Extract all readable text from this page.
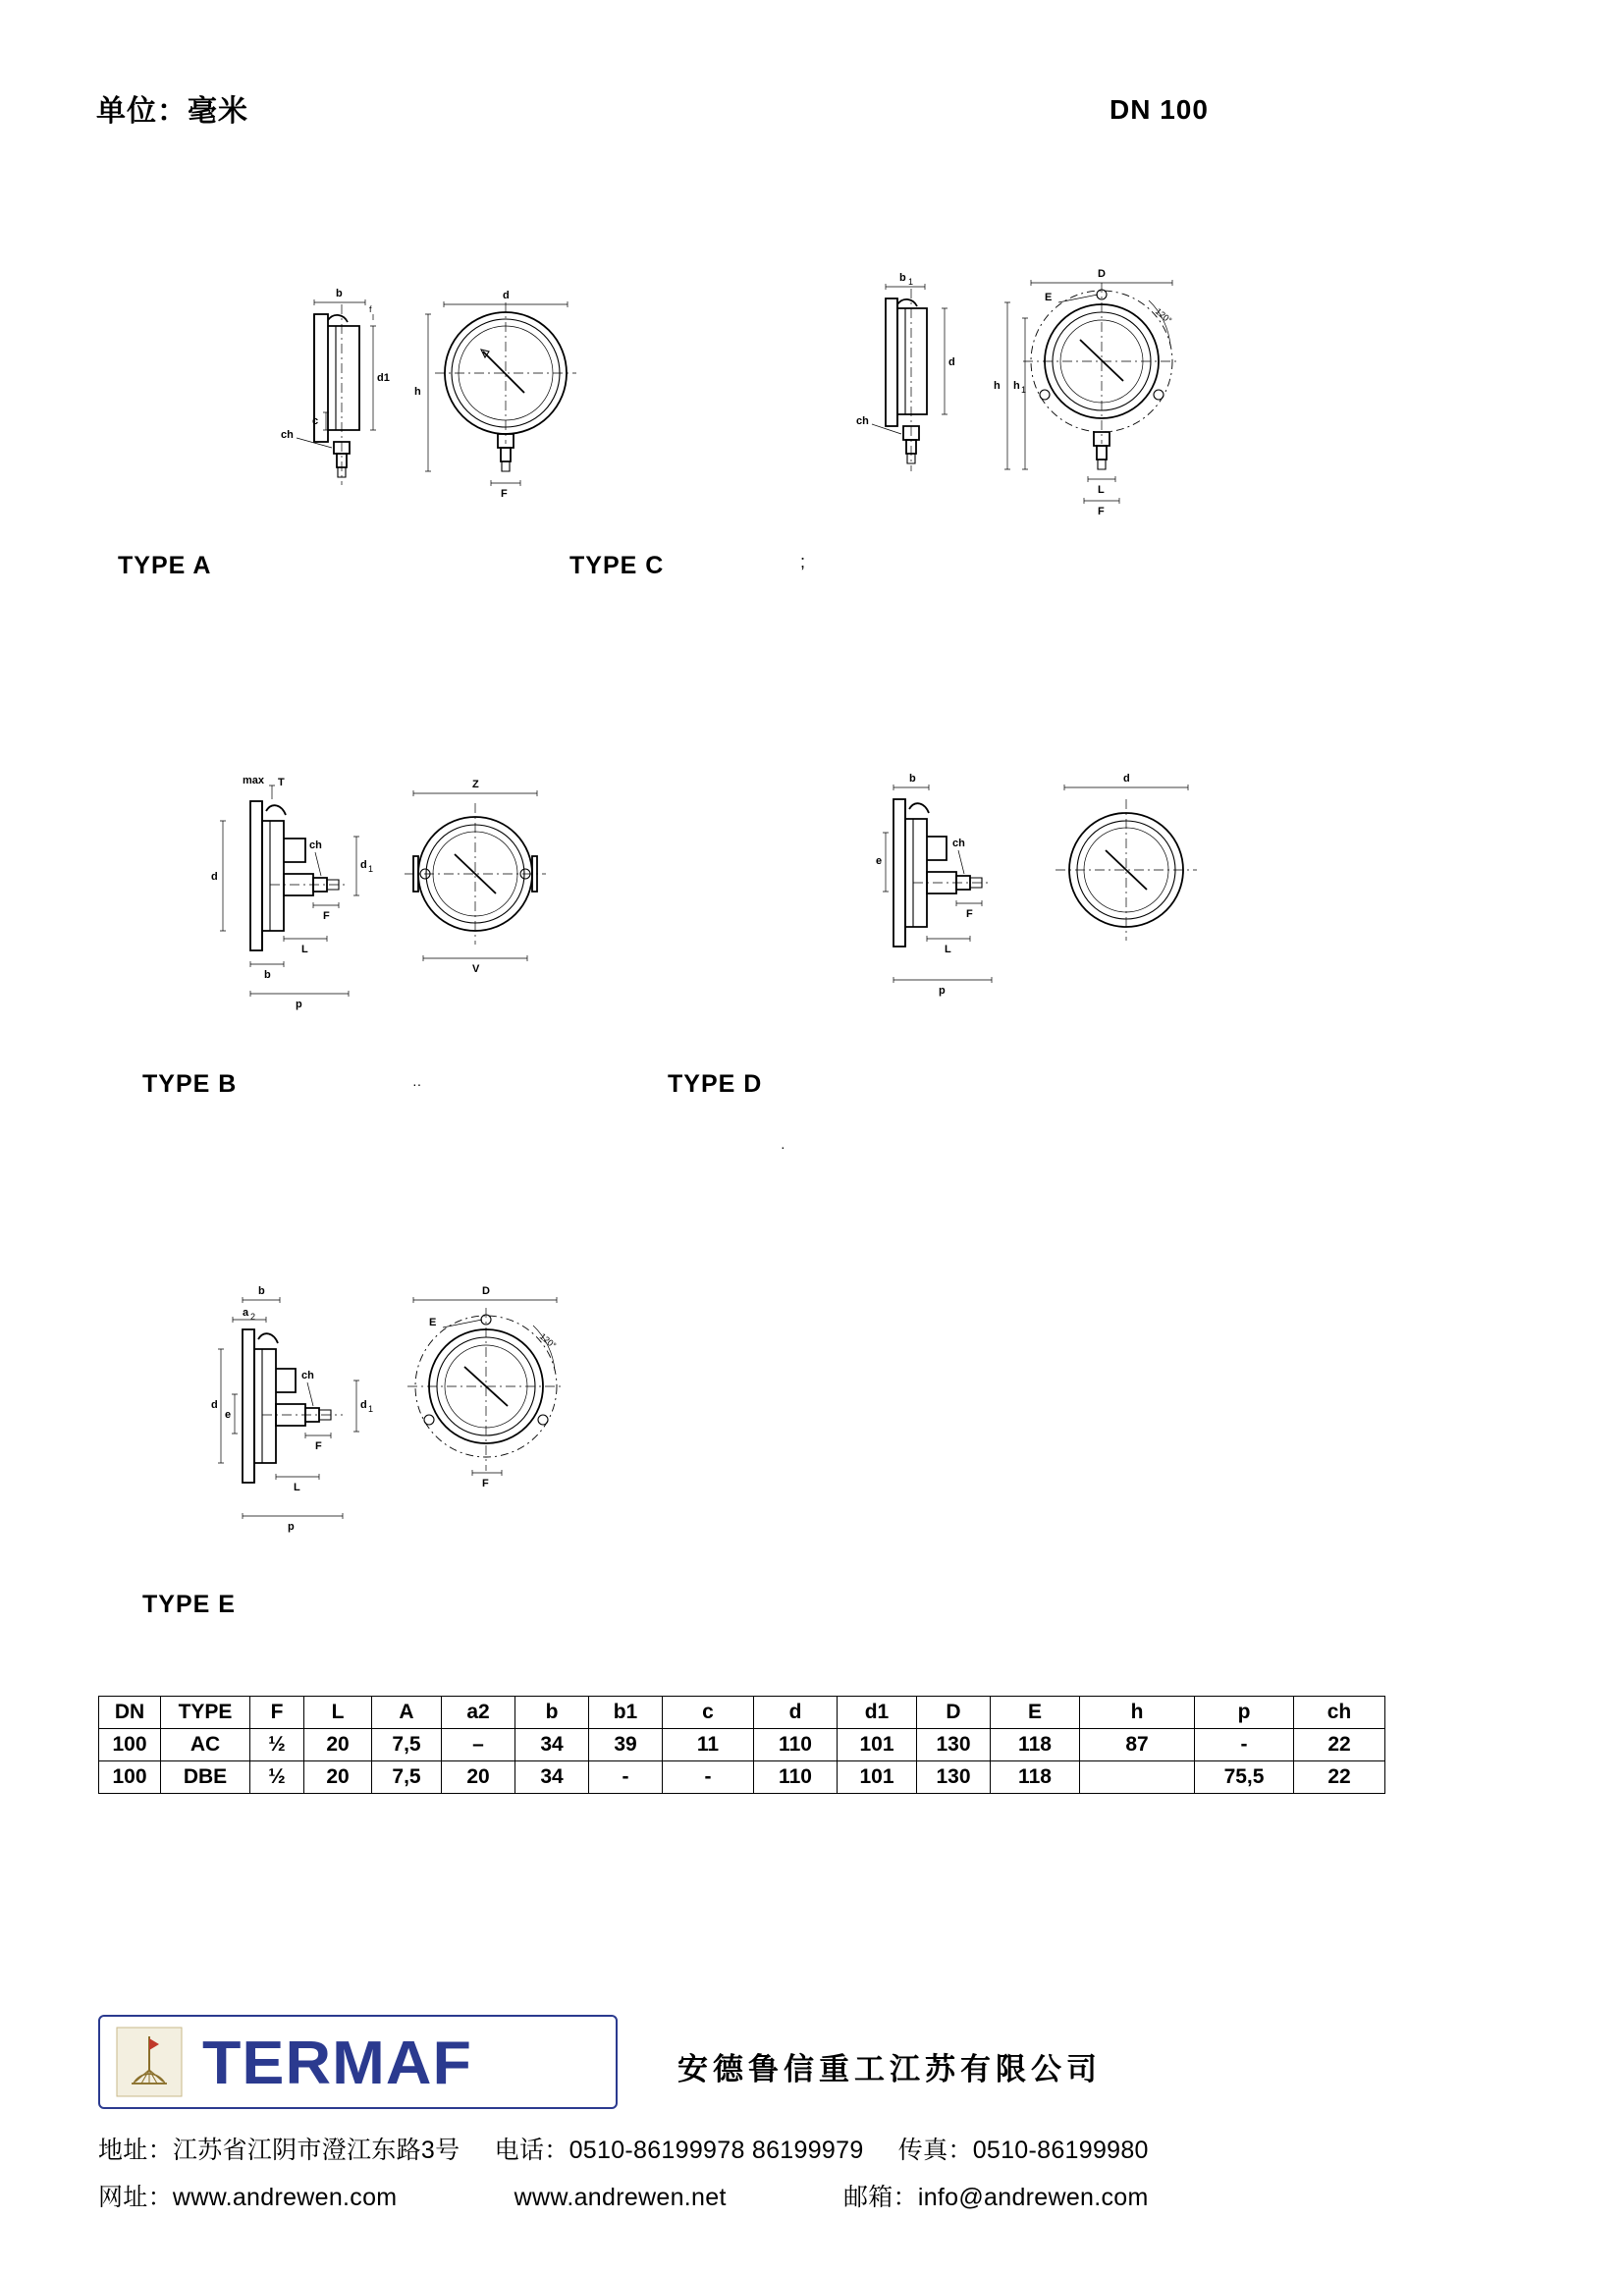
单位：毫米	DN 100
b
ch
d1
f
c
d
h
F
TYPE A
b 1
ch
d
D
E
120°
h h 1
L
F
TYPE C	;
max T
ch
d
d 1
F
L
b
p
Z
V
TYPE B	··
b
ch
e
F
L
p
d
TYPE D
·
b
a 2
ch
d
e
d 1
F
L
p
D
E
120°
F
TYPE E
DN	TYPE	F	L	A	a2	b	b1	c	d	d1	D	E	h	p	ch
100	AC	½	20	7,5	–	34	39	11	110	101	130	118	87	-	22
100	DBE	½	20	7,5	20	34	-	-	110	101	130	118		75,5	22
TERMAF	安德鲁信重工江苏有限公司
地址：江苏省江阴市澄江东路3号 电话：0510-86199978 86199979 传真：0510-86199980
网址：www.andrewen.com	www.andrewen.net	邮箱：info@andrewen.com
